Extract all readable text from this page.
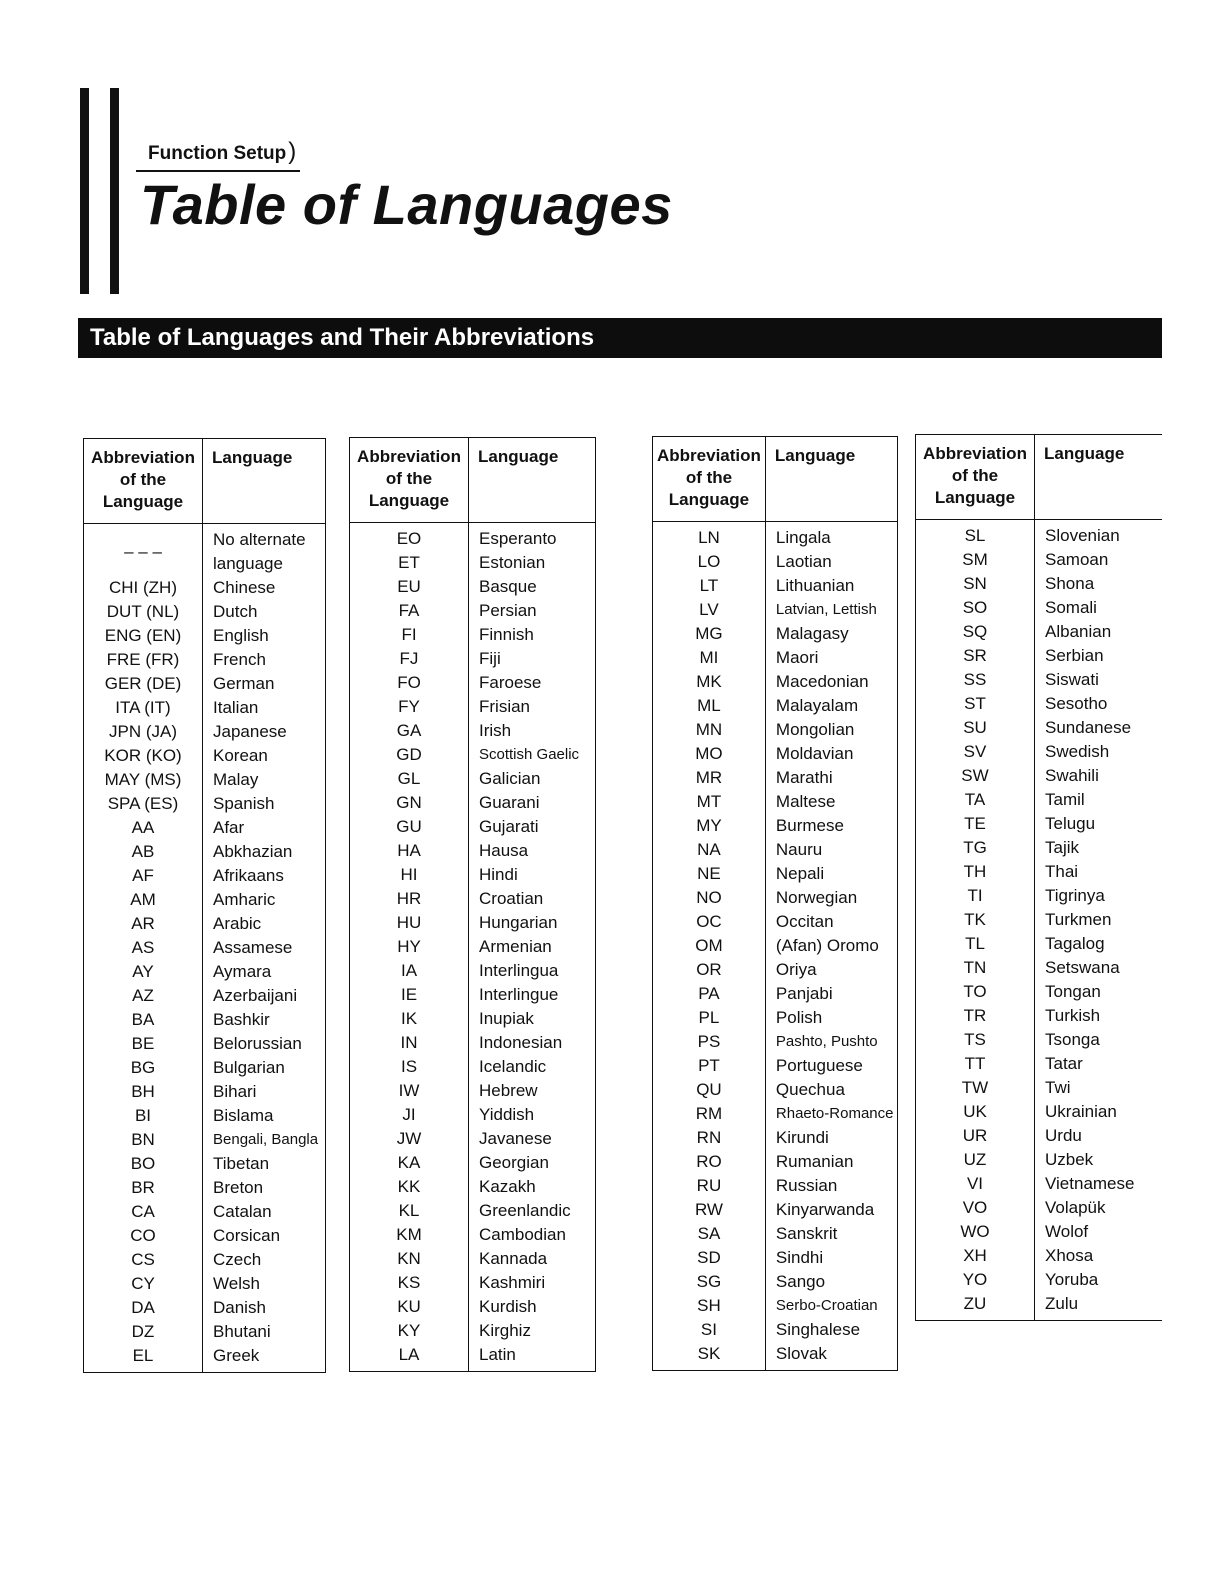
Function Setup)
Table of Languages
Table of Languages and Their Abbreviations
Abbreviation of the Language	Language
– – –	No alternate language
CHI (ZH)	Chinese
DUT (NL)	Dutch
ENG (EN)	English
FRE (FR)	French
GER (DE)	German
ITA (IT)	Italian
JPN (JA)	Japanese
KOR (KO)	Korean
MAY (MS)	Malay
SPA (ES)	Spanish
AA	Afar
AB	Abkhazian
AF	Afrikaans
AM	Amharic
AR	Arabic
AS	Assamese
AY	Aymara
AZ	Azerbaijani
BA	Bashkir
BE	Belorussian
BG	Bulgarian
BH	Bihari
BI	Bislama
BN	Bengali, Bangla
BO	Tibetan
BR	Breton
CA	Catalan
CO	Corsican
CS	Czech
CY	Welsh
DA	Danish
DZ	Bhutani
EL	Greek
Abbreviation of the Language	Language
EO	Esperanto
ET	Estonian
EU	Basque
FA	Persian
FI	Finnish
FJ	Fiji
FO	Faroese
FY	Frisian
GA	Irish
GD	Scottish Gaelic
GL	Galician
GN	Guarani
GU	Gujarati
HA	Hausa
HI	Hindi
HR	Croatian
HU	Hungarian
HY	Armenian
IA	Interlingua
IE	Interlingue
IK	Inupiak
IN	Indonesian
IS	Icelandic
IW	Hebrew
JI	Yiddish
JW	Javanese
KA	Georgian
KK	Kazakh
KL	Greenlandic
KM	Cambodian
KN	Kannada
KS	Kashmiri
KU	Kurdish
KY	Kirghiz
LA	Latin
Abbreviation of the Language	Language
LN	Lingala
LO	Laotian
LT	Lithuanian
LV	Latvian, Lettish
MG	Malagasy
MI	Maori
MK	Macedonian
ML	Malayalam
MN	Mongolian
MO	Moldavian
MR	Marathi
MT	Maltese
MY	Burmese
NA	Nauru
NE	Nepali
NO	Norwegian
OC	Occitan
OM	(Afan) Oromo
OR	Oriya
PA	Panjabi
PL	Polish
PS	Pashto, Pushto
PT	Portuguese
QU	Quechua
RM	Rhaeto-Romance
RN	Kirundi
RO	Rumanian
RU	Russian
RW	Kinyarwanda
SA	Sanskrit
SD	Sindhi
SG	Sango
SH	Serbo-Croatian
SI	Singhalese
SK	Slovak
Abbreviation of the Language	Language
SL	Slovenian
SM	Samoan
SN	Shona
SO	Somali
SQ	Albanian
SR	Serbian
SS	Siswati
ST	Sesotho
SU	Sundanese
SV	Swedish
SW	Swahili
TA	Tamil
TE	Telugu
TG	Tajik
TH	Thai
TI	Tigrinya
TK	Turkmen
TL	Tagalog
TN	Setswana
TO	Tongan
TR	Turkish
TS	Tsonga
TT	Tatar
TW	Twi
UK	Ukrainian
UR	Urdu
UZ	Uzbek
VI	Vietnamese
VO	Volapük
WO	Wolof
XH	Xhosa
YO	Yoruba
ZU	Zulu
